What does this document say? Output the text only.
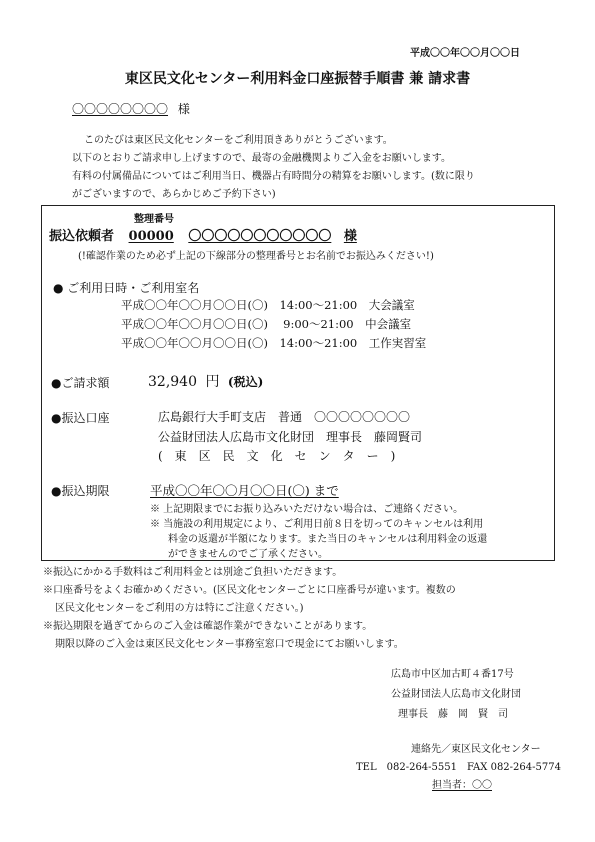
平成〇〇年〇〇月〇〇日
東区民文化センター利用料金口座振替手順書 兼 請求書
〇〇〇〇〇〇〇〇 様
このたびは東区民文化センターをご利用頂きありがとうございます。
以下のとおりご請求申し上げますので、最寄の金融機関よりご入金をお願いします。
有料の付属備品についてはご利用当日、機器占有時間分の精算をお願いします。(数に限り
がございますので、あらかじめご予約下さい)
整理番号
振込依頼者 00000 〇〇〇〇〇〇〇〇〇〇〇 様
(!確認作業のため必ず上記の下線部分の整理番号とお名前でお振込みください!)
● ご利用日時・ご利用室名
平成〇〇年〇〇月〇〇日(〇)　14:00～21:00　大会議室
平成〇〇年〇〇月〇〇日(〇)　 9:00～21:00　中会議室
平成〇〇年〇〇月〇〇日(〇)　14:00～21:00　工作実習室
●ご請求額	32,940 円 (税込)
●振込口座	広島銀行大手町支店　普通　〇〇〇〇〇〇〇〇
公益財団法人広島市文化財団　理事長　藤岡賢司
(　東　区　民　文　化　セ　ン　タ　ー　)
●振込期限	平成〇〇年〇〇月〇〇日(〇) まで
※ 上記期限までにお振り込みいただけない場合は、ご連絡ください。
※ 当施設の利用規定により、ご利用日前８日を切ってのキャンセルは利用
料金の返還が半額になります。また当日のキャンセルは利用料金の返還
ができませんのでご了承ください。
※振込にかかる手数料はご利用料金とは別途ご負担いただきます。
※口座番号をよくお確かめください。(区民文化センターごとに口座番号が違います。複数の
区民文化センターをご利用の方は特にご注意ください。)
※振込期限を過ぎてからのご入金は確認作業ができないことがあります。
期限以降のご入金は東区民文化センター事務室窓口で現金にてお願いします。
広島市中区加古町４番17号
公益財団法人広島市文化財団
理事長　藤　岡　賢　司
連絡先／東区民文化センター
TEL　082-264-5551　FAX 082-264-5774
担当者：〇〇
